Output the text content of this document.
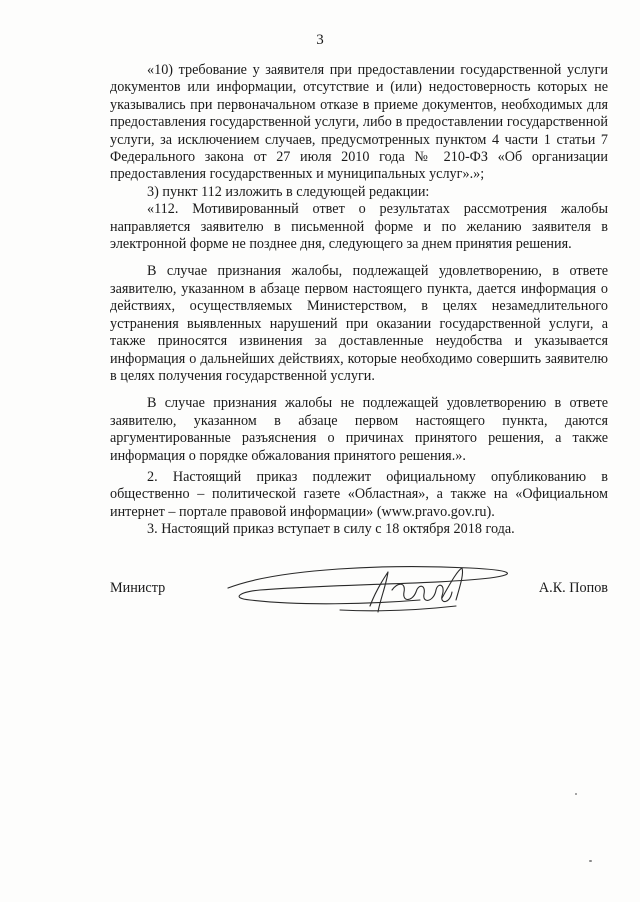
3

«10) требование у заявителя при предоставлении государственной услуги документов или информации, отсутствие и (или) недостоверность которых не указывались при первоначальном отказе в приеме документов, необходимых для предоставления государственной услуги, либо в предоставлении государственной услуги, за исключением случаев, предусмотренных пунктом 4 части 1 статьи 7 Федерального закона от 27 июля 2010 года № 210-ФЗ «Об организации предоставления государственных и муниципальных услуг».»;

3) пункт 112 изложить в следующей редакции:

«112. Мотивированный ответ о результатах рассмотрения жалобы направляется заявителю в письменной форме и по желанию заявителя в электронной форме не позднее дня, следующего за днем принятия решения.

В случае признания жалобы, подлежащей удовлетворению, в ответе заявителю, указанном в абзаце первом настоящего пункта, дается информация о действиях, осуществляемых Министерством, в целях незамедлительного устранения выявленных нарушений при оказании государственной услуги, а также приносятся извинения за доставленные неудобства и указывается информация о дальнейших действиях, которые необходимо совершить заявителю в целях получения государственной услуги.

В случае признания жалобы не подлежащей удовлетворению в ответе заявителю, указанном в абзаце первом настоящего пункта, даются аргументированные разъяснения о причинах принятого решения, а также информация о порядке обжалования принятого решения.».

2. Настоящий приказ подлежит официальному опубликованию в общественно – политической газете «Областная», а также на «Официальном интернет – портале правовой информации» (www.pravo.gov.ru).

3. Настоящий приказ вступает в силу с 18 октября 2018 года.

Министр	А.К. Попов
